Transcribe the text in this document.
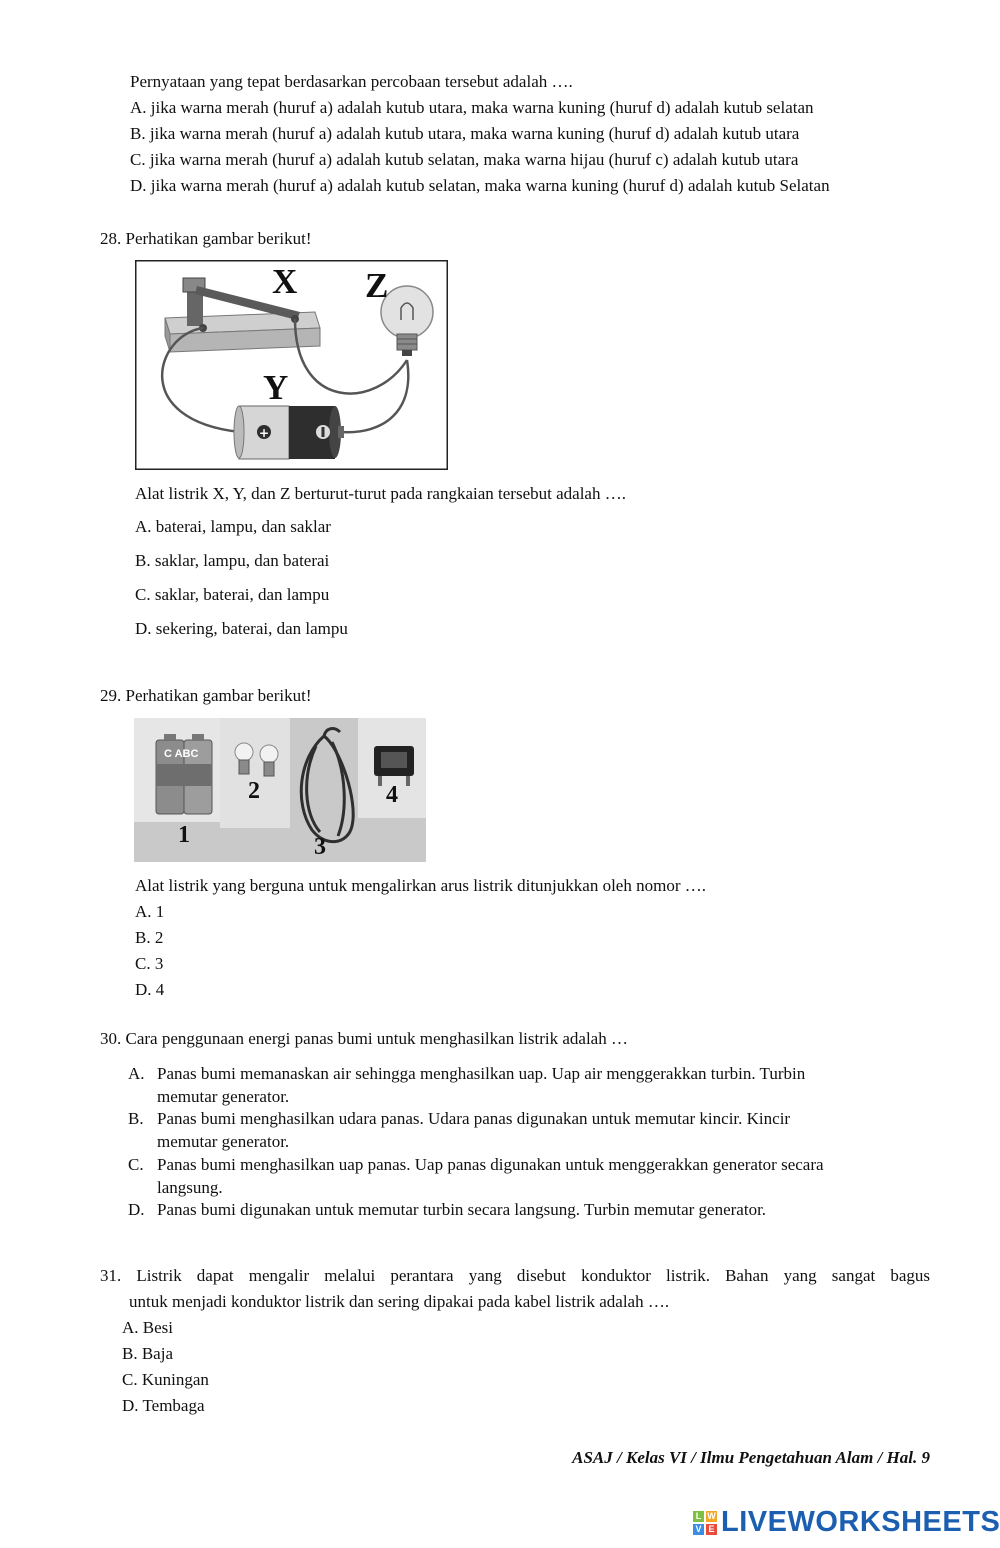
Pernyataan yang tepat berdasarkan percobaan tersebut adalah ….
A. jika warna merah (huruf a) adalah kutub utara, maka warna kuning (huruf d) adalah kutub selatan
B. jika warna merah (huruf a) adalah kutub utara, maka warna kuning (huruf d) adalah kutub utara
C. jika warna merah (huruf a) adalah kutub selatan, maka warna hijau (huruf c) adalah kutub utara
D. jika warna merah (huruf a) adalah kutub selatan, maka warna kuning (huruf d) adalah kutub Selatan
28. Perhatikan gambar berikut!
+
X Z
Y
Alat listrik X, Y, dan Z berturut-turut pada rangkaian tersebut adalah ….
A. baterai, lampu, dan saklar
B. saklar, lampu, dan baterai
C. saklar, baterai, dan lampu
D. sekering, baterai, dan lampu
29. Perhatikan gambar berikut!
C ABC
1
2
3
4
Alat listrik yang berguna untuk mengalirkan arus listrik ditunjukkan oleh nomor ….
A. 1
B. 2
C. 3
D. 4
30. Cara penggunaan energi panas bumi untuk menghasilkan listrik adalah …
A. Panas bumi memanaskan air sehingga menghasilkan uap. Uap air menggerakkan turbin. Turbin
memutar generator.
B. Panas bumi menghasilkan udara panas. Udara panas digunakan untuk memutar kincir. Kincir
memutar generator.
C. Panas bumi menghasilkan uap panas. Uap panas digunakan untuk menggerakkan generator secara
langsung.
D. Panas bumi digunakan untuk memutar turbin secara langsung. Turbin memutar generator.
31. Listrik dapat mengalir melalui perantara yang disebut konduktor listrik. Bahan yang sangat bagus
untuk menjadi konduktor listrik dan sering dipakai pada kabel listrik adalah ….
A. Besi
B. Baja
C. Kuningan
D. Tembaga
ASAJ / Kelas VI / Ilmu Pengetahuan Alam / Hal. 9
L W
V E LIVEWORKSHEETS
